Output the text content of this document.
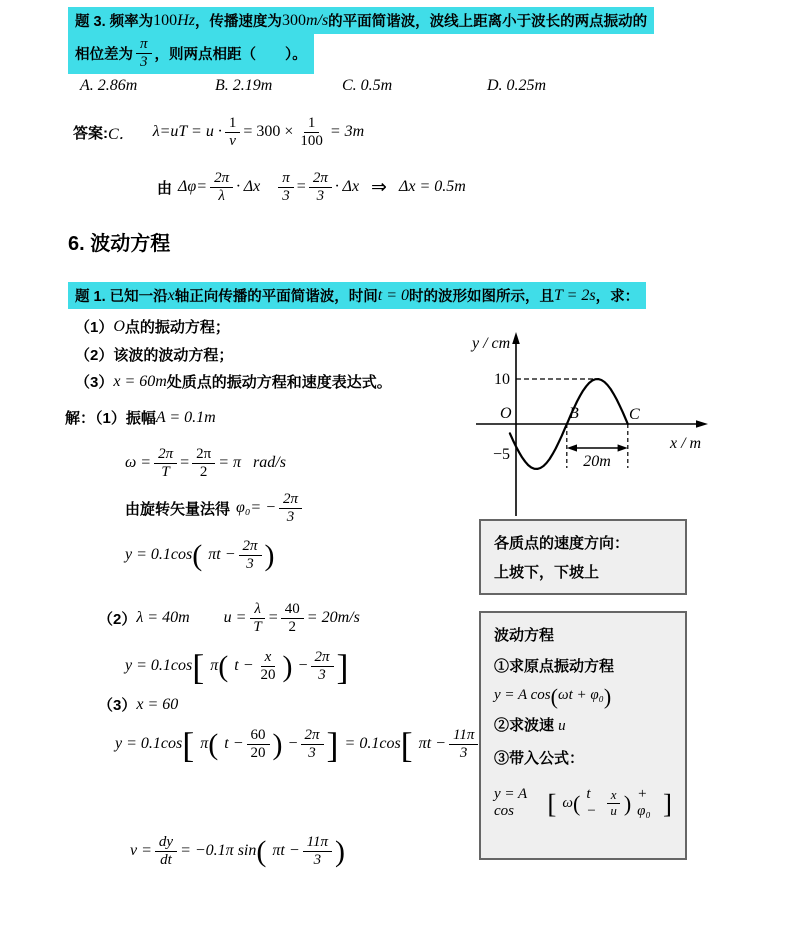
题 3. 频率为 100 Hz ，传播速度为 300 m/s 的平面简谐波，波线上距离小于波长的两点振动的
相位差为 $\frac{\pi}{3}$ ，则两点相距（　　）。
A. 2.86m	B. 2.19m	C. 0.5m	D. 0.25m
答案: C． $\lambda=uT = u \cdot \frac{1}{\nu} = 300 \times \frac{1}{100} = 3m$
由 $\Delta\varphi= \frac{2\pi}{\lambda} \cdot \Delta x \frac{\pi}{3} = \frac{2\pi}{3} \cdot \Delta x$ ⇒ Δx = 0.5m
6. 波动方程
题 1. 已知一沿 x 轴正向传播的平面简谐波，时间 t = 0 时的波形如图所示，且 T = 2s ，求：
（1） O 点的振动方程；
（2）该波的波动方程；
（3） x = 60m 处质点的振动方程和速度表达式。
解：（1）振幅 A = 0.1m
$\omega = \frac{2\pi}{T} = \frac{2\pi}{2} = \pi$ rad/s
由旋转矢量法得 $\varphi_0= - \frac{2\pi}{3}$
y = 0.1cos ( $\pi t - \frac{2\pi}{3}$ )
（2） λ = 40m $u = \frac{\lambda}{T} = \frac{40}{2} = 20m/s$
y = 0.1cos [ π ( $t - \frac{x}{20}$ ) − $\frac{2\pi}{3}$ ]
（3） x = 60
y = 0.1cos [ π ( $t - \frac{60}{20}$ ) − $\frac{2\pi}{3}$ ] = 0.1cos [ $\pi t - \frac{11\pi}{3}$
$v = \frac{dy}{dt} = -0.1\pi$ sin ( $\pi t - \frac{11\pi}{3}$ )
y / cm
10
O	B	C
x / m
−5	20m
各质点的速度方向：
上坡下，下坡上
波动方程
①求原点振动方程
y = A cos ( ωt + φ₀ )
②求波速 u
③带入公式：
y = A cos	[ ω ( $t - \frac{x}{u}$ ) + φ₀ ]
